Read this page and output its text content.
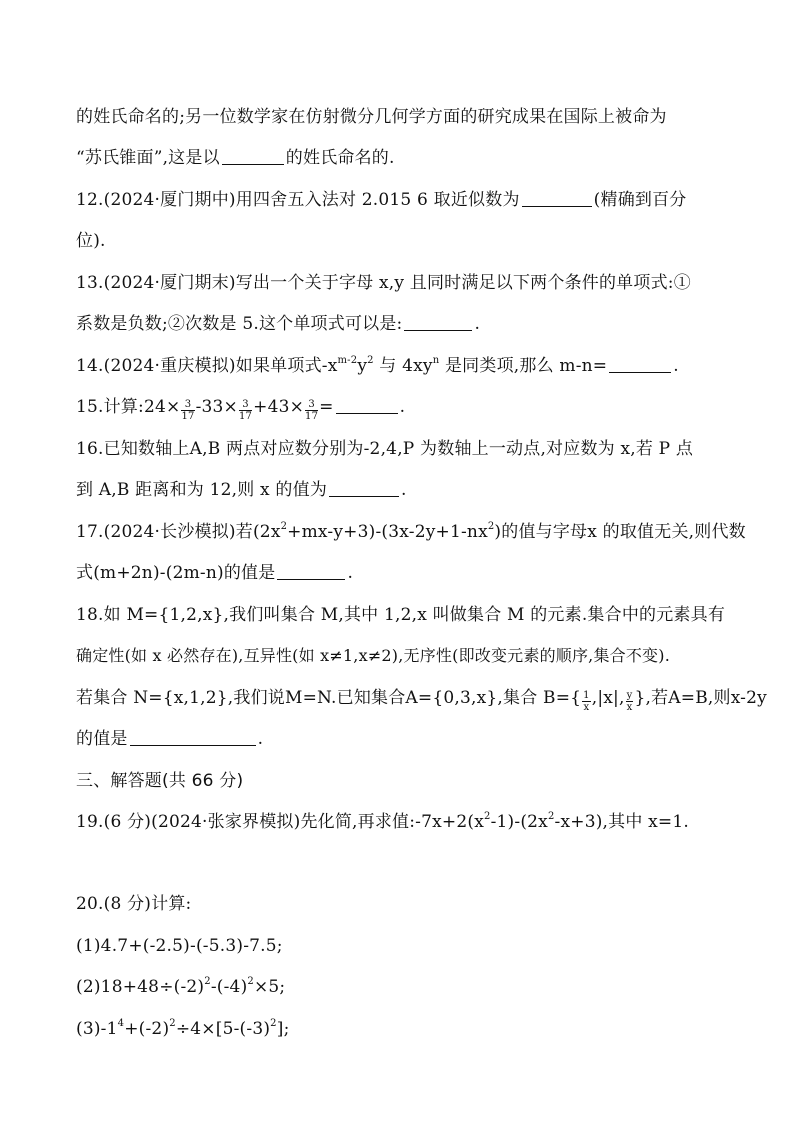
的姓氏命名的;另一位数学家在仿射微分几何学方面的研究成果在国际上被命为
“苏氏锥面”,这是以	的姓氏命名的.
12.(2024·厦门期中)用四舍五入法对 2.015 6 取近似数为	(精确到百分
位).
13.(2024·厦门期末)写出一个关于字母 x,y 且同时满足以下两个条件的单项式:①
系数是负数;②次数是 5.这个单项式可以是:	.
14.(2024·重庆模拟)如果单项式$-x^{m-2}y^2$ 与 $4xy^n$ 是同类项,那么 m-n=	.
15.计算:24× $\frac{3}{17} -33\times \frac{3}{17} +43\times \frac{3}{17}$ =	.
16.已知数轴上A,B 两点对应数分别为-2,4,P 为数轴上一动点,对应数为 x,若 P 点
到 A,B 距离和为 12,则 x 的值为	.
17.(2024·长沙模拟)若$(2x^2+mx-y+3)-(3x-2y+1-nx^2)$的值与字母x 的取值无关,则代数
式(m+2n)-(2m-n)的值是	.
18.如 M={1,2,x},我们叫集合 M,其中 1,2,x 叫做集合 M 的元素.集合中的元素具有
确定性(如 x 必然存在),互异性(如 x≠1,x≠2),无序性(即改变元素的顺序,集合不变).
若集合 N={x,1,2},我们说M=N.已知集合A={0,3,x},集合 $B=\{ \frac{1}{x} ,|x|$, $\frac{y}{x}$ },若A=B,则x-2y
的值是	.
三、解答题(共 66 分)
19.(6 分)(2024·张家界模拟)先化简,再求值$:-7x+2(x^2-1)-(2x^2-x+3)$,其中 x=1.
20.(8 分)计算:
(1)4.7+(-2.5)-(-5.3)-7.5;
$(2)18+48\div(-2)^2-(-4)^2\times 5$;
$(3)-1^4+(-2)^2\div 4\times[5-(-3)^2]$;
